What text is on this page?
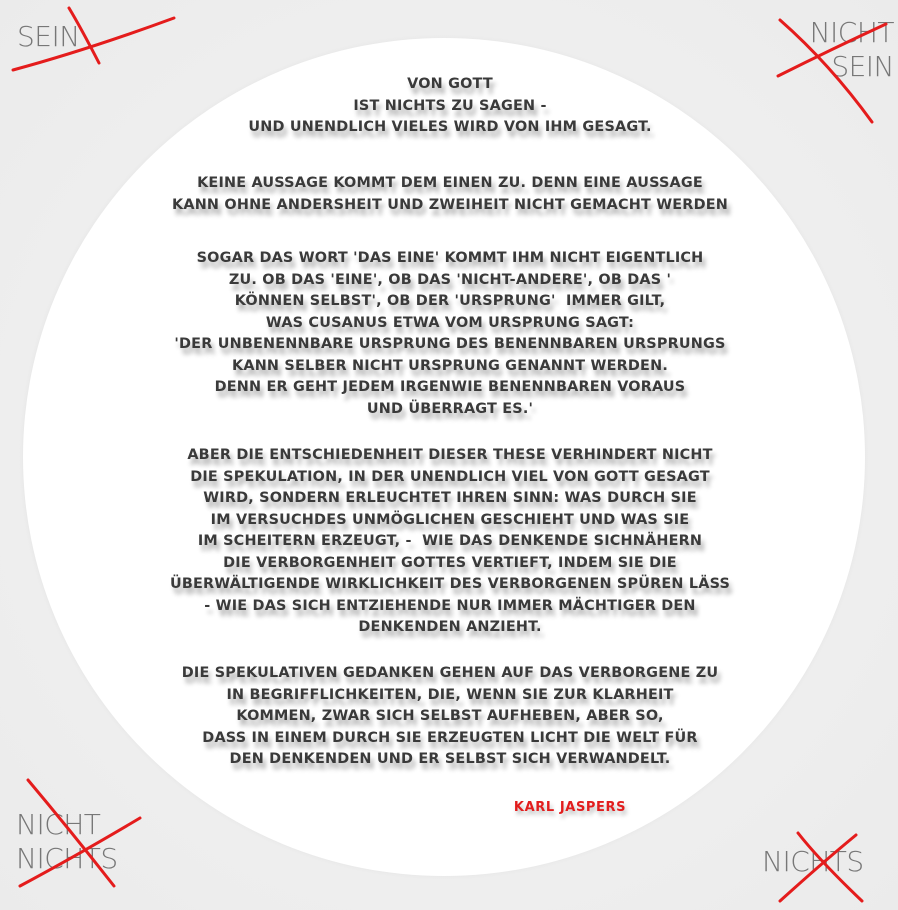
SEIN	NICHT
SEIN
NICHT
NICHTS	NICHTS
VON GOTT
IST NICHTS ZU SAGEN -
UND UNENDLICH VIELES WIRD VON IHM GESAGT.
KEINE AUSSAGE KOMMT DEM EINEN ZU. DENN EINE AUSSAGE
KANN OHNE ANDERSHEIT UND ZWEIHEIT NICHT GEMACHT WERDEN
SOGAR DAS WORT 'DAS EINE' KOMMT IHM NICHT EIGENTLICH
ZU. OB DAS 'EINE', OB DAS 'NICHT-ANDERE', OB DAS '
KÖNNEN SELBST', OB DER 'URSPRUNG'  IMMER GILT,
WAS CUSANUS ETWA VOM URSPRUNG SAGT:
'DER UNBENENNBARE URSPRUNG DES BENENNBAREN URSPRUNGS
KANN SELBER NICHT URSPRUNG GENANNT WERDEN.
DENN ER GEHT JEDEM IRGENWIE BENENNBAREN VORAUS
UND ÜBERRAGT ES.'
ABER DIE ENTSCHIEDENHEIT DIESER THESE VERHINDERT NICHT
DIE SPEKULATION, IN DER UNENDLICH VIEL VON GOTT GESAGT
WIRD, SONDERN ERLEUCHTET IHREN SINN: WAS DURCH SIE
IM VERSUCHDES UNMÖGLICHEN GESCHIEHT UND WAS SIE
IM SCHEITERN ERZEUGT, -  WIE DAS DENKENDE SICHNÄHERN
DIE VERBORGENHEIT GOTTES VERTIEFT, INDEM SIE DIE
ÜBERWÄLTIGENDE WIRKLICHKEIT DES VERBORGENEN SPÜREN LÄSS
- WIE DAS SICH ENTZIEHENDE NUR IMMER MÄCHTIGER DEN
DENKENDEN ANZIEHT.
DIE SPEKULATIVEN GEDANKEN GEHEN AUF DAS VERBORGENE ZU
IN BEGRIFFLICHKEITEN, DIE, WENN SIE ZUR KLARHEIT
KOMMEN, ZWAR SICH SELBST AUFHEBEN, ABER SO,
DASS IN EINEM DURCH SIE ERZEUGTEN LICHT DIE WELT FÜR
DEN DENKENDEN UND ER SELBST SICH VERWANDELT.
KARL JASPERS
